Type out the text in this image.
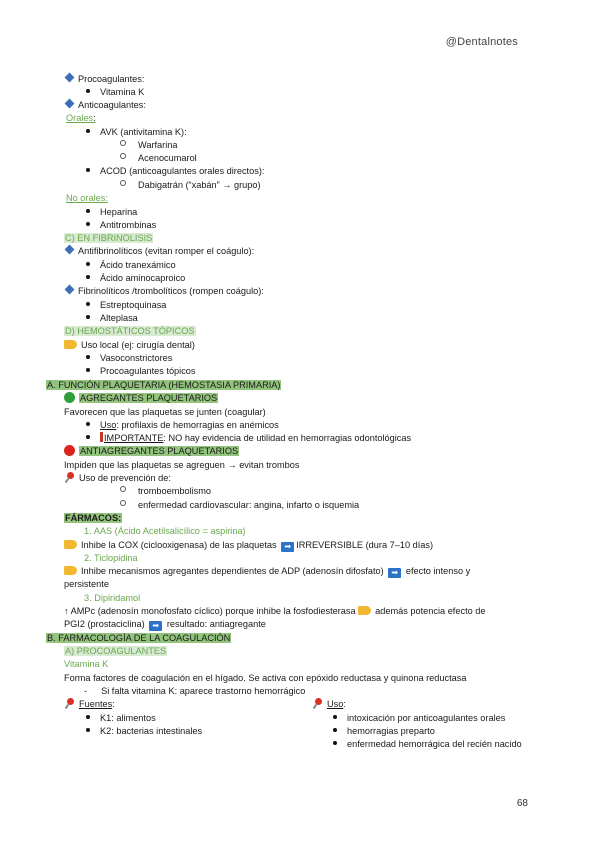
@Dentalnotes
Procoagulantes:
Vitamina K
Anticoagulantes:
Orales:
AVK (antivitamina K):
Warfarina
Acenocumarol
ACOD (anticoagulantes orales directos):
Dabigatrán (“xabán” → grupo)
No orales:
Heparina
Antitrombinas
C) EN FIBRINOLISIS
Antifibrinolíticos (evitan romper el coágulo):
Ácido tranexámico
Ácido aminocaproico
Fibrinolíticos /trombolíticos (rompen coágulo):
Estreptoquinasa
Alteplasa
D) HEMOSTÁTICOS TÓPICOS
Uso local (ej: cirugía dental)
Vasoconstrictores
Procoagulantes tópicos
A. FUNCIÓN PLAQUETARIA (HEMOSTASIA PRIMARIA)
AGREGANTES PLAQUETARIOS
Favorecen que las plaquetas se junten (coagular)
Uso: profilaxis de hemorragias en anémicos
IMPORTANTE: NO hay evidencia de utilidad en hemorragias odontológicas
ANTIAGREGANTES PLAQUETARIOS
Impiden que las plaquetas se agreguen → evitan trombos
Uso de prevención de:
tromboembolismo
enfermedad cardiovascular: angina, infarto o isquemia
FÁRMACOS:
1. AAS (Ácido Acetilsalicílico = aspirina)
Inhibe la COX (ciclooxigenasa) de las plaquetas ➡ IRREVERSIBLE (dura 7–10 días)
2. Ticlopidina
Inhibe mecanismos agregantes dependientes de ADP (adenosín difosfato) ➡ efecto intenso y
persistente
3. Dipiridamol
↑ AMPc (adenosín monofosfato cíclico) porque inhibe la fosfodiesterasa además potencia efecto de
PGI2 (prostaciclina) ➡ resultado: antiagregante
B. FARMACOLOGÍA DE LA COAGULACIÓN
A) PROCOAGULANTES
Vitamina K
Forma factores de coagulación en el hígado. Se activa con epóxido reductasa y quinona reductasa
- Si falta vitamina K: aparece trastorno hemorrágico
Fuentes:
K1: alimentos
K2: bacterias intestinales
Uso:
intoxicación por anticoagulantes orales
hemorragias preparto
enfermedad hemorrágica del recién nacido
68
